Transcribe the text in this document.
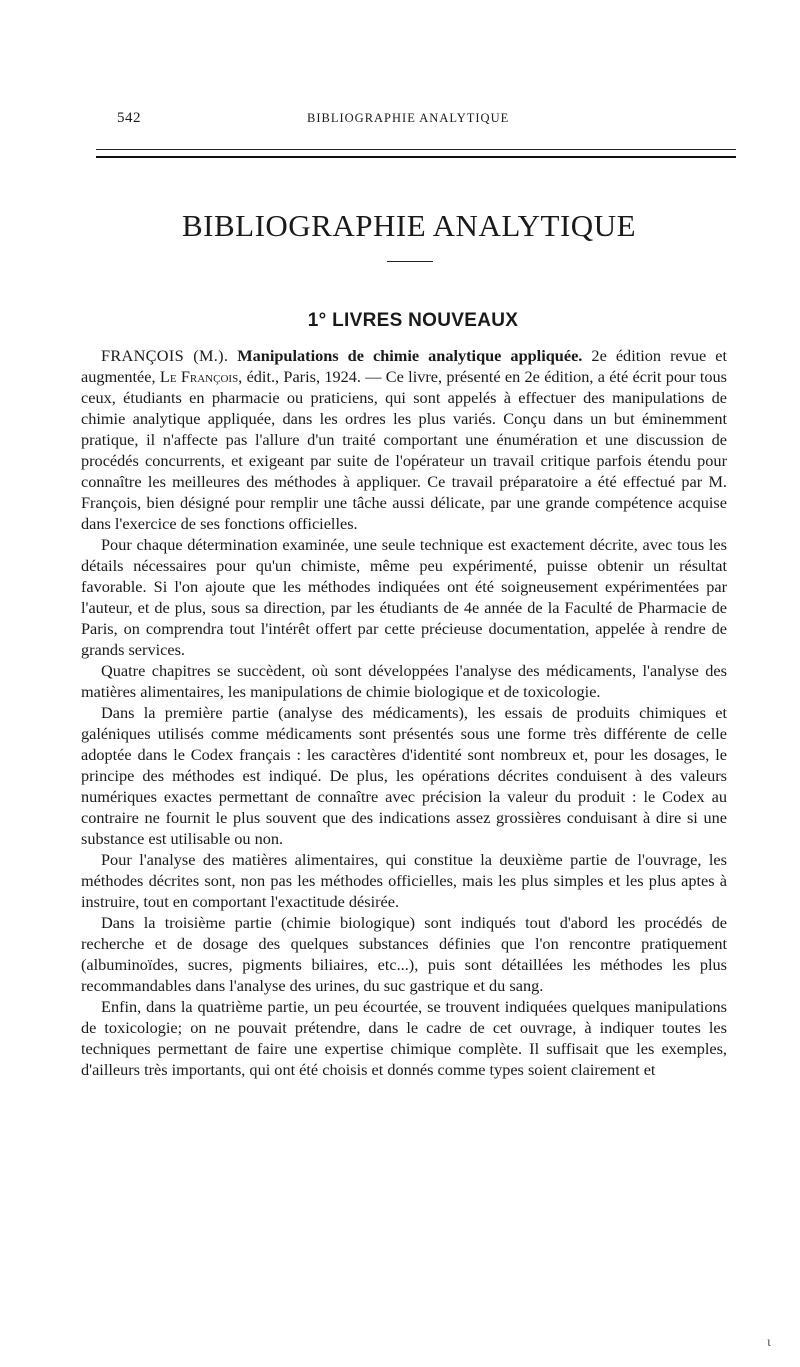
542	BIBLIOGRAPHIE ANALYTIQUE
BIBLIOGRAPHIE ANALYTIQUE
1° LIVRES NOUVEAUX

FRANÇOIS (M.). Manipulations de chimie analytique appliquée. 2e édition revue et augmentée, Le François, édit., Paris, 1924. — Ce livre, présenté en 2e édition, a été écrit pour tous ceux, étudiants en pharmacie ou praticiens, qui sont appelés à effectuer des manipulations de chimie analytique appliquée, dans les ordres les plus variés. Conçu dans un but éminemment pratique, il n'affecte pas l'allure d'un traité comportant une énumération et une discussion de procédés concurrents, et exigeant par suite de l'opérateur un travail critique parfois étendu pour connaître les meilleures des méthodes à appliquer. Ce travail préparatoire a été effectué par M. François, bien désigné pour remplir une tâche aussi délicate, par une grande compétence acquise dans l'exercice de ses fonctions officielles.

Pour chaque détermination examinée, une seule technique est exactement décrite, avec tous les détails nécessaires pour qu'un chimiste, même peu expérimenté, puisse obtenir un résultat favorable. Si l'on ajoute que les méthodes indiquées ont été soigneusement expérimentées par l'auteur, et de plus, sous sa direction, par les étudiants de 4e année de la Faculté de Pharmacie de Paris, on comprendra tout l'intérêt offert par cette précieuse documentation, appelée à rendre de grands services.

Quatre chapitres se succèdent, où sont développées l'analyse des médicaments, l'analyse des matières alimentaires, les manipulations de chimie biologique et de toxicologie.

Dans la première partie (analyse des médicaments), les essais de produits chimiques et galéniques utilisés comme médicaments sont présentés sous une forme très différente de celle adoptée dans le Codex français : les caractères d'identité sont nombreux et, pour les dosages, le principe des méthodes est indiqué. De plus, les opérations décrites conduisent à des valeurs numériques exactes permettant de connaître avec précision la valeur du produit : le Codex au contraire ne fournit le plus souvent que des indications assez grossières conduisant à dire si une substance est utilisable ou non.

Pour l'analyse des matières alimentaires, qui constitue la deuxième partie de l'ouvrage, les méthodes décrites sont, non pas les méthodes officielles, mais les plus simples et les plus aptes à instruire, tout en comportant l'exactitude désirée.

Dans la troisième partie (chimie biologique) sont indiqués tout d'abord les procédés de recherche et de dosage des quelques substances définies que l'on rencontre pratiquement (albuminoïdes, sucres, pigments biliaires, etc...), puis sont détaillées les méthodes les plus recommandables dans l'analyse des urines, du suc gastrique et du sang.

Enfin, dans la quatrième partie, un peu écourtée, se trouvent indiquées quelques manipulations de toxicologie; on ne pouvait prétendre, dans le cadre de cet ouvrage, à indiquer toutes les techniques permettant de faire une expertise chimique complète. Il suffisait que les exemples, d'ailleurs très importants, qui ont été choisis et donnés comme types soient clairement et

ι
